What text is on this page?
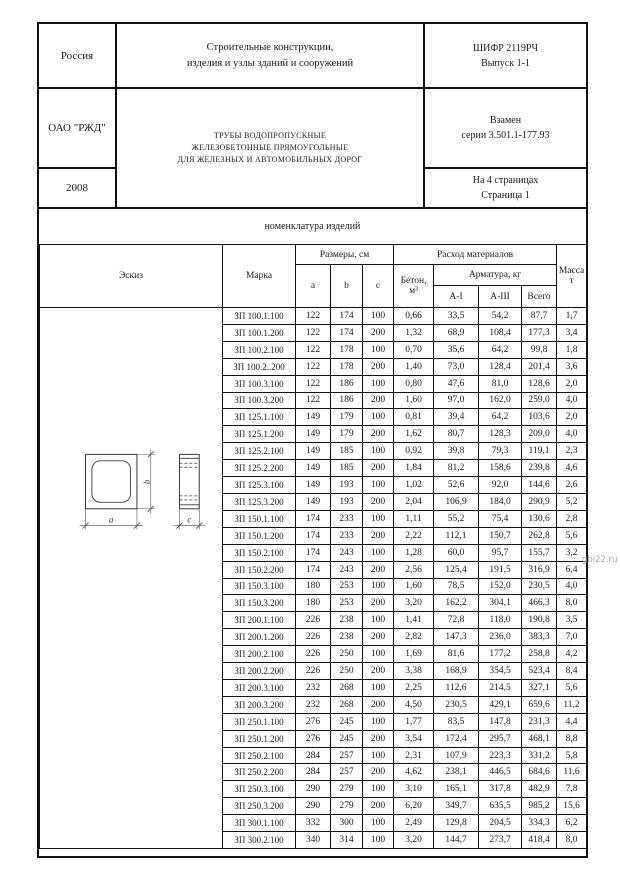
Россия
Строительные конструкции,
изделия и узлы зданий и сооружений
ШИФР 2119РЧ
Выпуск 1-1
ОАО "РЖД"
ТРУБЫ ВОДОПРОПУСКНЫЕ
ЖЕЛЕЗОБЕТОННЫЕ ПРЯМОУГОЛЬНЫЕ
ДЛЯ ЖЕЛЕЗНЫХ И АВТОМОБИЛЬНЫХ ДОРОГ
Взамен
серии 3.501.1-177.93
2008
На 4 страницах
Страница 1
номенклатура изделий
Эскиз	Марка	Размеры, см			Расход материалов				Масса
т

		a	b	c	Бетон,
м³	Арматура, кг			
						А-I	А-III	Всего	

b
a c	ЗП 100.1.100	122	174	100	0,66	33,5	54,2	87,7	1,7
	ЗП 100.1.200	122	174	200	1,32	68,9	108,4	177,3	3,4
	ЗП 100.2.100	122	178	100	0,70	35,6	64,2	99,8	1,8
	ЗП 100.2..200	122	178	200	1,40	73,0	128,4	201,4	3,6
	ЗП 100.3.100	122	186	100	0,80	47,6	81,0	128,6	2,0
	ЗП 100.3.200	122	186	200	1,60	97,0	162,0	259,0	4,0
	ЗП 125.1.100	149	179	100	0,81	39,4	64,2	103,6	2,0
	ЗП 125.1.200	149	179	200	1,62	80,7	128,3	209,0	4,0
	ЗП 125.2.100	149	185	100	0,92	39,8	79,3	119,1	2,3
	ЗП 125.2.200	149	185	200	1,84	81,2	158,6	239,8	4,6
	ЗП 125.3.100	149	193	100	1,02	52,6	92,0	144,6	2,6
	ЗП 125.3.200	149	193	200	2,04	106,9	184,0	290,9	5,2
	ЗП 150.1.100	174	233	100	1,11	55,2	75,4	130,6	2,8
	ЗП 150.1.200	174	233	200	2,22	112,1	150,7	262,8	5,6
	ЗП 150.2.100	174	243	100	1,28	60,0	95,7	155,7	3,2
	ЗП 150.2.200	174	243	200	2,56	125,4	191,5	316,9	6,4
	ЗП 150.3.100	180	253	100	1,60	78,5	152,0	230,5	4,0
	ЗП 150.3.200	180	253	200	3,20	162,2	304,1	466,3	8,0
	ЗП 200.1.100	226	238	100	1,41	72,8	118,0	190,8	3,5
	ЗП 200.1.200	226	238	200	2,82	147,3	236,0	383,3	7,0
	ЗП 200.2.100	226	250	100	1,69	81,6	177,2	258,8	4,2
	ЗП 200.2.200	226	250	200	3,38	168,9	354,5	523,4	8,4
	ЗП 200.3.100	232	268	100	2,25	112,6	214,5	327,1	5,6
	ЗП 200.3.200	232	268	200	4,50	230,5	429,1	659,6	11,2
	ЗП 250.1.100	276	245	100	1,77	83,5	147,8	231,3	4,4
	ЗП 250.1.200	276	245	200	3,54	172,4	295,7	468,1	8,8
	ЗП 250.2.100	284	257	100	2,31	107,9	223,3	331,2	5,8
	ЗП 250.2.200	284	257	200	4,62	238,1	446,5	684,6	11,6
	ЗП 250.3.100	290	279	100	3,10	165,1	317,8	482,9	7,8
	ЗП 250.3.200	290	279	200	6,20	349,7	635,5	985,2	15,6
	ЗП 300.1.100	332	300	100	2,49	129,8	204,5	334,3	6,2
	ЗП 300.2.100	340	314	100	3,20	144,7	273,7	418,4	8,0
gbi22.ru
